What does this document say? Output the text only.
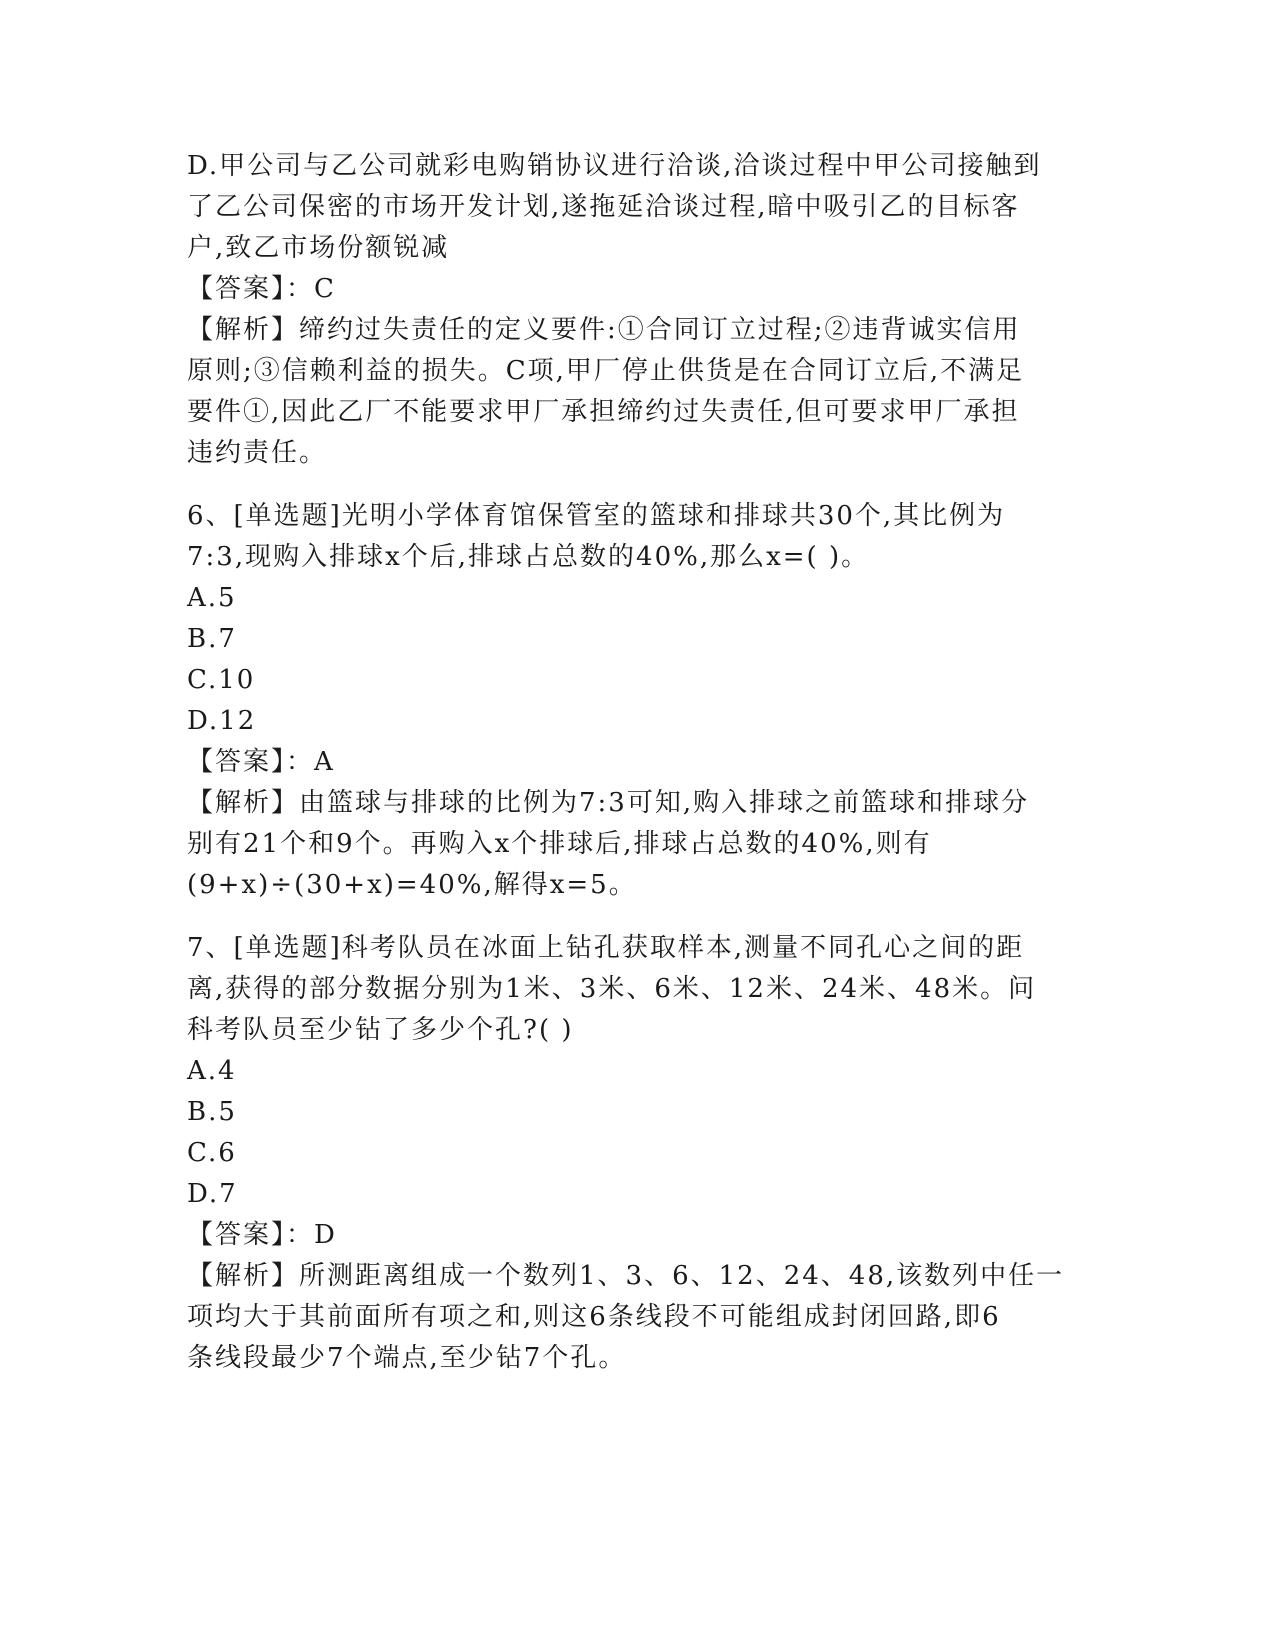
D.甲公司与乙公司就彩电购销协议进行洽谈,洽谈过程中甲公司接触到
了乙公司保密的市场开发计划,遂拖延洽谈过程,暗中吸引乙的目标客
户,致乙市场份额锐减
【答案】：C
【解析】缔约过失责任的定义要件:①合同订立过程;②违背诚实信用
原则;③信赖利益的损失。C项,甲厂停止供货是在合同订立后,不满足
要件①,因此乙厂不能要求甲厂承担缔约过失责任,但可要求甲厂承担
违约责任。
6、[单选题]光明小学体育馆保管室的篮球和排球共30个,其比例为
7:3,现购入排球x个后,排球占总数的40%,那么x=( )。
A.5
B.7
C.10
D.12
【答案】：A
【解析】由篮球与排球的比例为7:3可知,购入排球之前篮球和排球分
别有21个和9个。再购入x个排球后,排球占总数的40%,则有
(9+x)÷(30+x)=40%,解得x=5。
7、[单选题]科考队员在冰面上钻孔获取样本,测量不同孔心之间的距
离,获得的部分数据分别为1米、3米、6米、12米、24米、48米。问
科考队员至少钻了多少个孔?( )
A.4
B.5
C.6
D.7
【答案】：D
【解析】所测距离组成一个数列1、3、6、12、24、48,该数列中任一
项均大于其前面所有项之和,则这6条线段不可能组成封闭回路,即6
条线段最少7个端点,至少钻7个孔。
